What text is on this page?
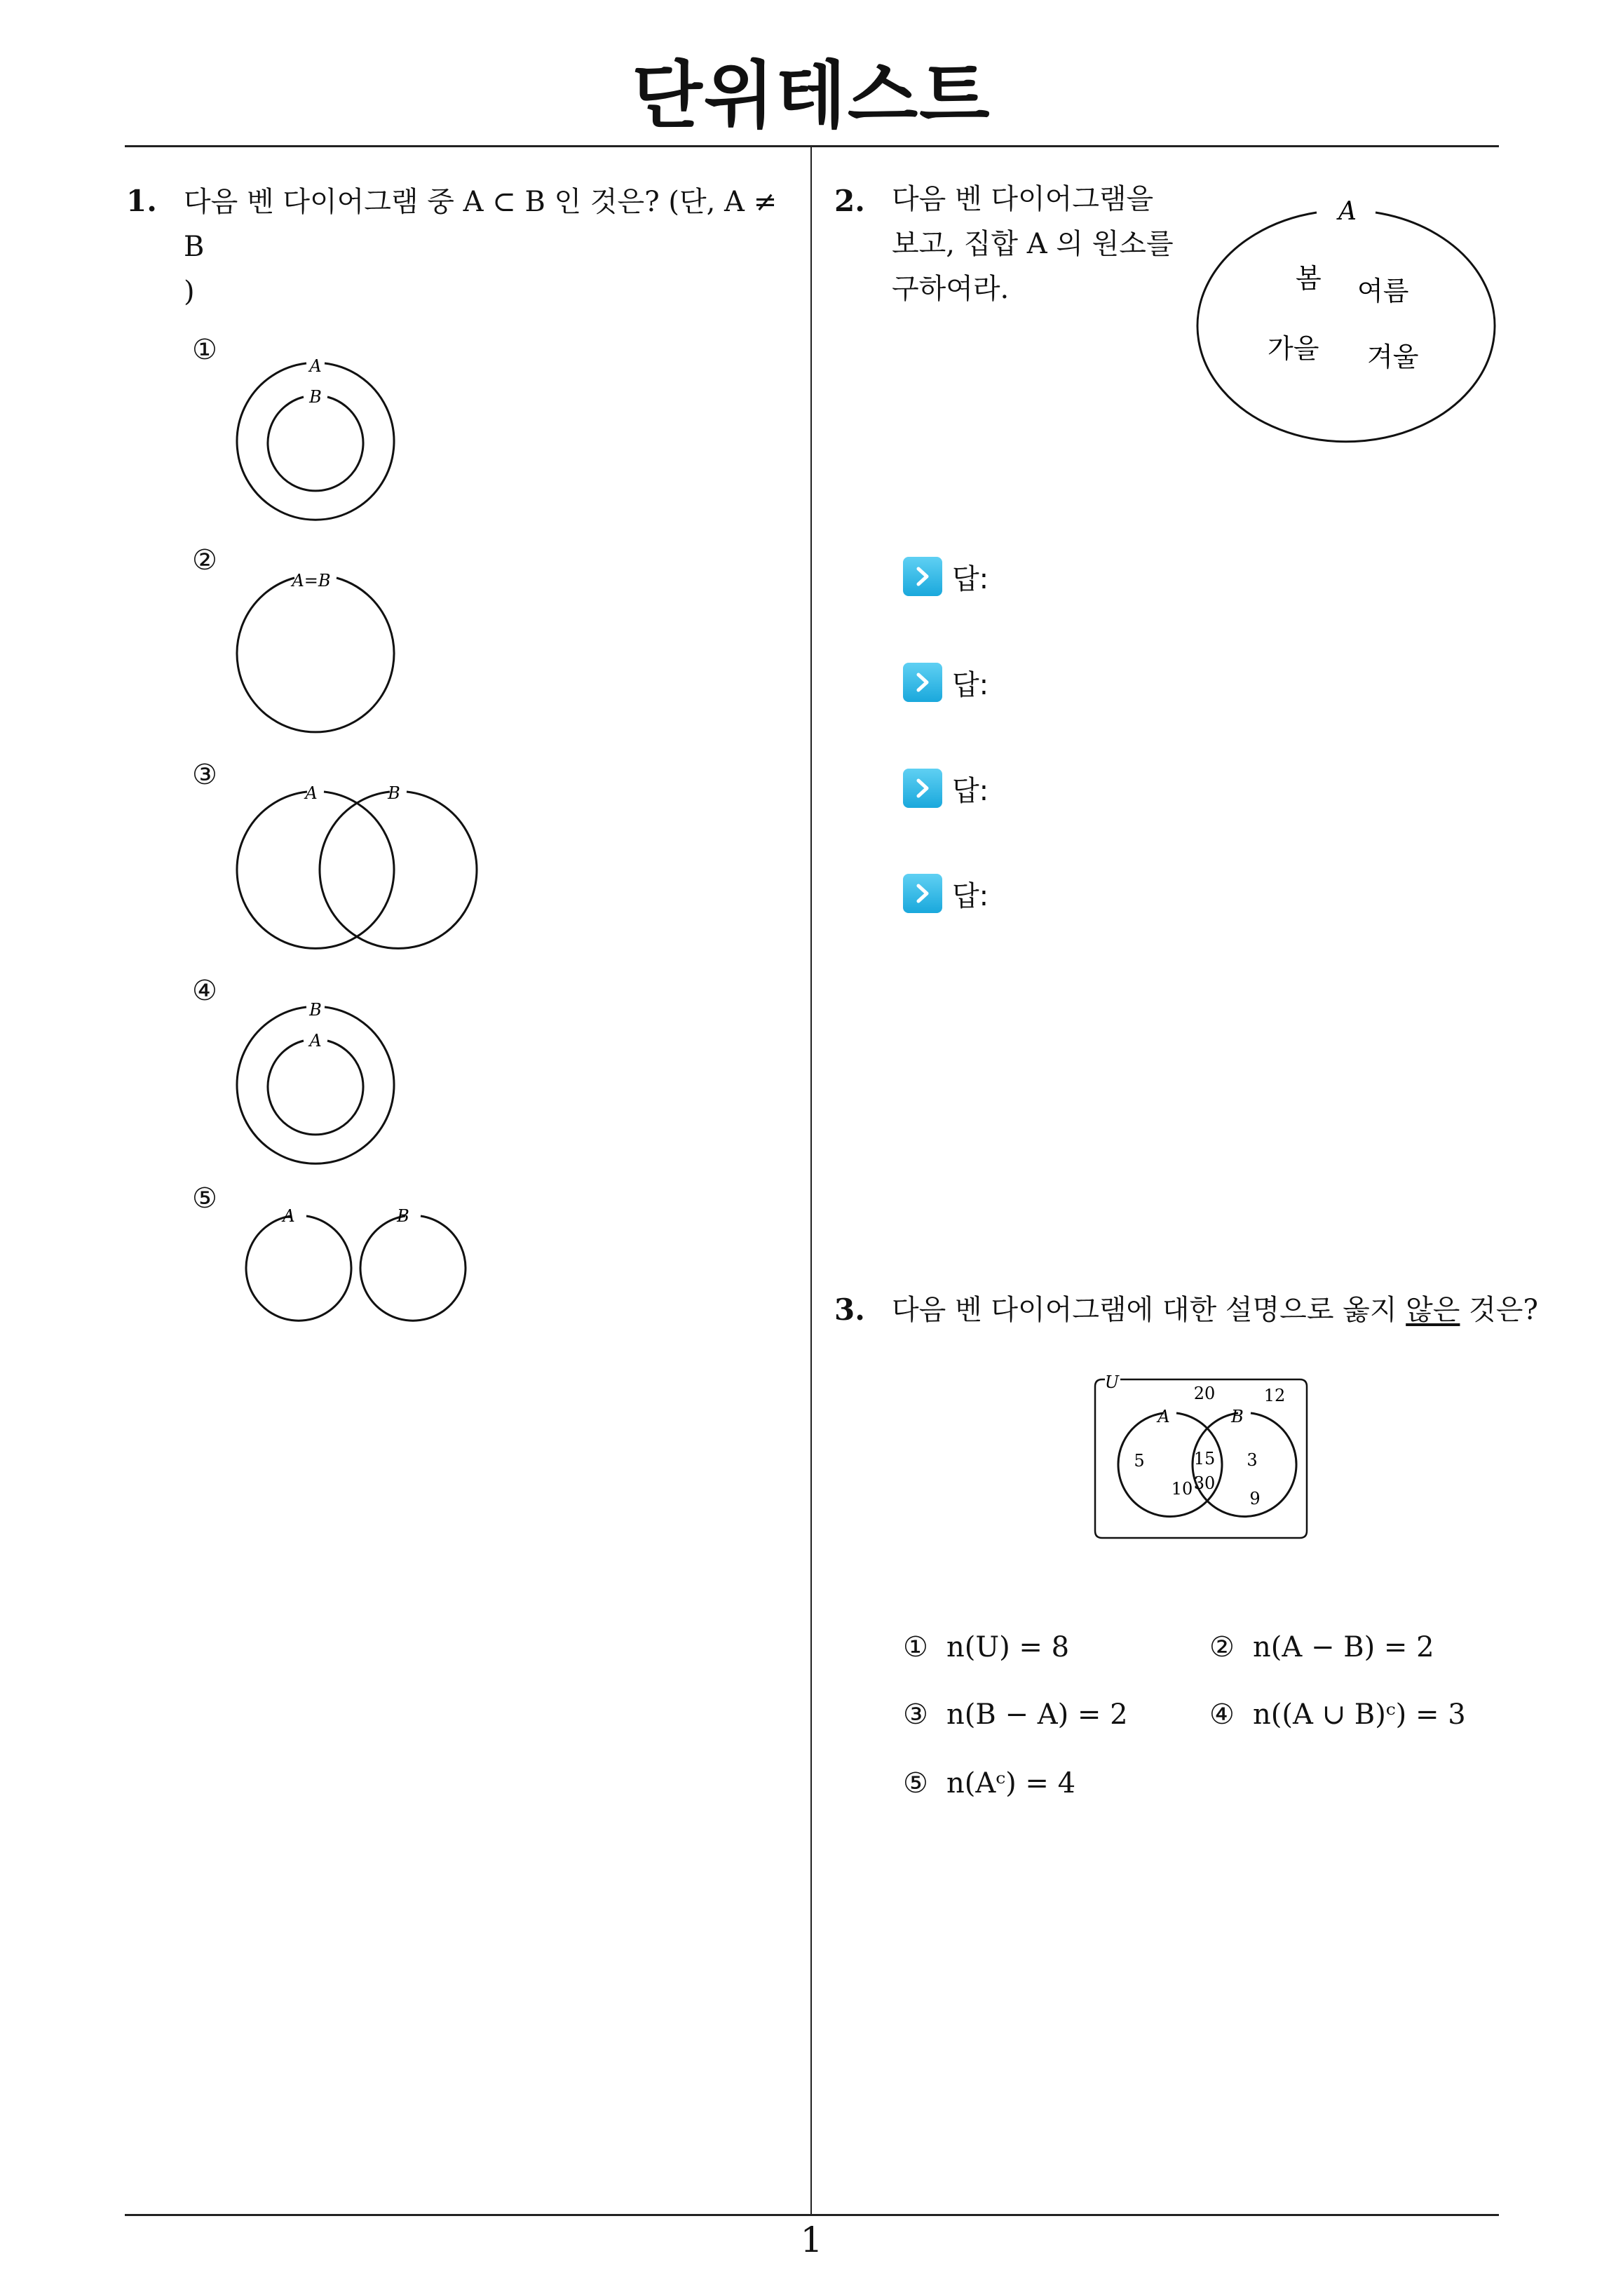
단위테스트
1. 다음 벤 다이어그램 중 A ⊂ B 인 것은? (단, A ≠ B
)
①	A
B
②
A=B
③
A	B
④
B
A
⑤
A	B
2. 다음 벤 다이어그램을
보고, 집합 A 의 원소를
구하여라.
A
봄 여름
가을 겨울
답:
답:
답:
답:
3. 다음 벤 다이어그램에 대한 설명으로 옳지 않은 것은?
U
A	B
20	12
5	15
30
10
3
9
① n(U) = 8	② n(A − B) = 2
③ n(B − A) = 2	④ n((A ∪ B)ᶜ) = 3
⑤ n(Aᶜ) = 4
1
